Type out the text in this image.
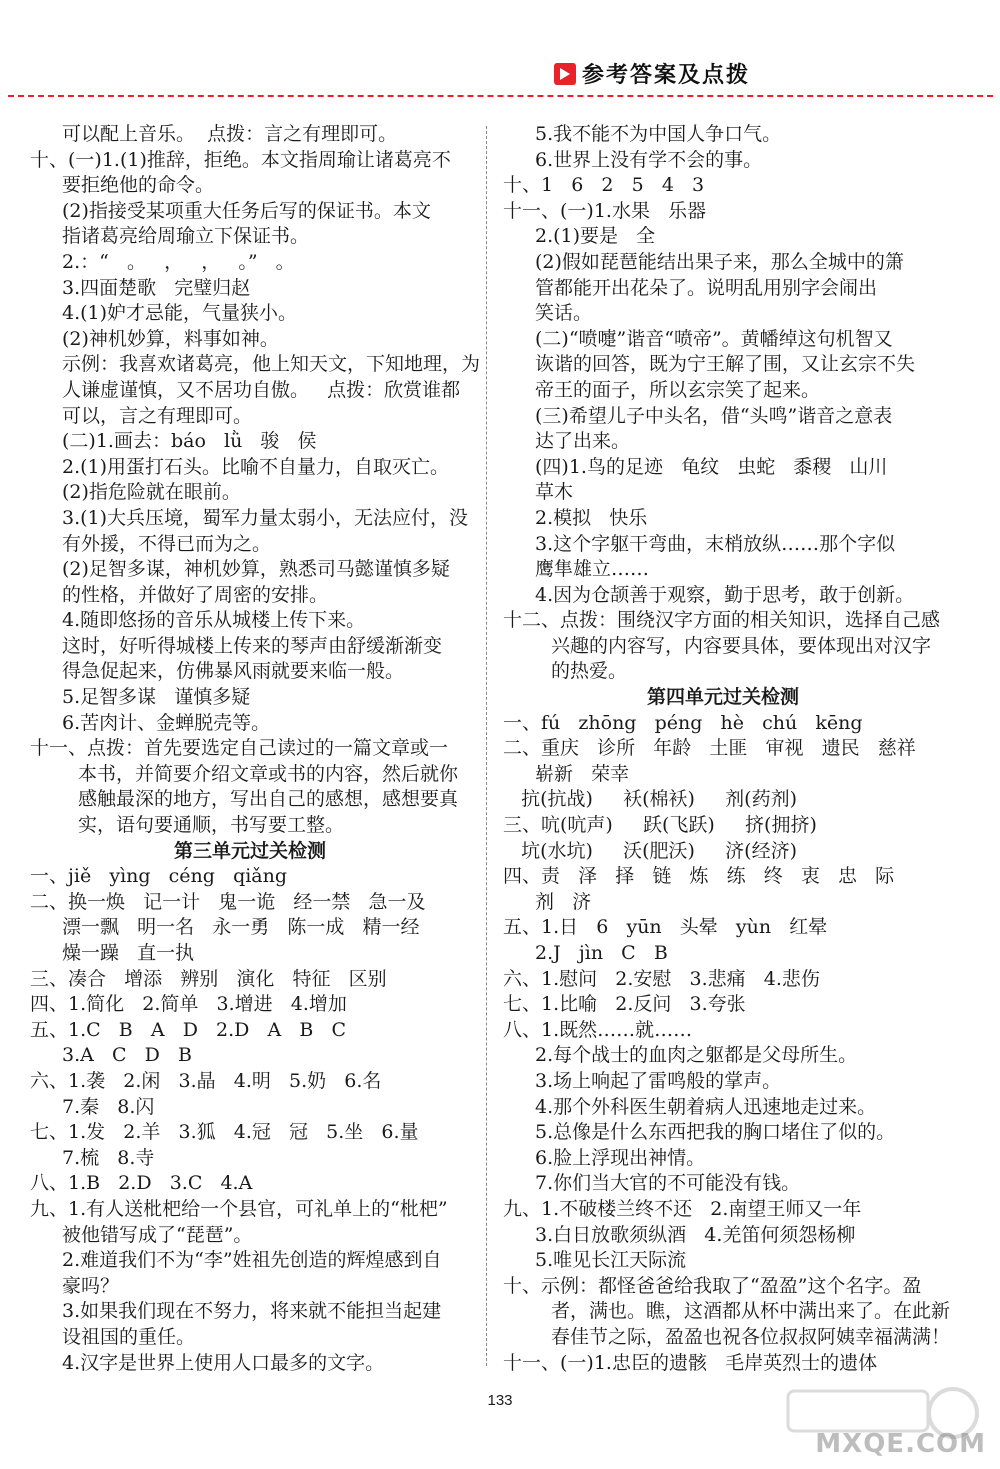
参考答案及点拨
可以配上音乐。  点拨：言之有理即可。
十、(一)1.(1)推辞，拒绝。本文指周瑜让诸葛亮不
要拒绝他的命令。
(2)指接受某项重大任务后写的保证书。本文
指诸葛亮给周瑜立下保证书。
2.：“   。   ，   ，   。”   。
3.四面楚歌   完璧归赵
4.(1)妒才忌能，气量狭小。
(2)神机妙算，料事如神。
示例：我喜欢诸葛亮，他上知天文，下知地理，为
人谦虚谨慎，又不居功自傲。   点拨：欣赏谁都
可以，言之有理即可。
(二)1.画去：báo   lǜ   骏   侯
2.(1)用蛋打石头。比喻不自量力，自取灭亡。
(2)指危险就在眼前。
3.(1)大兵压境，蜀军力量太弱小，无法应付，没
有外援，不得已而为之。
(2)足智多谋，神机妙算，熟悉司马懿谨慎多疑
的性格，并做好了周密的安排。
4.随即悠扬的音乐从城楼上传下来。
这时，好听得城楼上传来的琴声由舒缓渐渐变
得急促起来，仿佛暴风雨就要来临一般。
5.足智多谋   谨慎多疑
6.苦肉计、金蝉脱壳等。
十一、点拨：首先要选定自己读过的一篇文章或一
本书，并简要介绍文章或书的内容，然后就你
感触最深的地方，写出自己的感想，感想要真
实，语句要通顺，书写要工整。
第三单元过关检测
一、jiě   yìng   céng   qiǎng
二、换一焕   记一计   鬼一诡   经一禁   急一及
漂一飘   明一名   永一勇   陈一成   精一经
燥一躁   直一执
三、凑合   增添   辨别   演化   特征   区别
四、1.简化   2.简单   3.增进   4.增加
五、1.C   B   A   D   2.D   A   B   C
3.A   C   D   B
六、1.袭   2.闲   3.晶   4.明   5.奶   6.名
7.秦   8.闪
七、1.发   2.羊   3.狐   4.冠   冠   5.坐   6.量
7.梳   8.寺
八、1.B   2.D   3.C   4.A
九、1.有人送枇杷给一个县官，可礼单上的“枇杷”
被他错写成了“琵琶”。
2.难道我们不为“李”姓祖先创造的辉煌感到自
豪吗？
3.如果我们现在不努力，将来就不能担当起建
设祖国的重任。
4.汉字是世界上使用人口最多的文字。
5.我不能不为中国人争口气。
6.世界上没有学不会的事。
十、1   6   2   5   4   3
十一、(一)1.水果   乐器
2.(1)要是   全
(2)假如琵琶能结出果子来，那么全城中的箫
管都能开出花朵了。说明乱用别字会闹出
笑话。
(二)“喷嚏”谐音“喷帝”。黄幡绰这句机智又
诙谐的回答，既为宁王解了围，又让玄宗不失
帝王的面子，所以玄宗笑了起来。
(三)希望儿子中头名，借“头鸣”谐音之意表
达了出来。
(四)1.鸟的足迹   龟纹   虫蛇   黍稷   山川
草木
2.模拟   快乐
3.这个字躯干弯曲，末梢放纵……那个字似
鹰隼雄立……
4.因为仓颉善于观察，勤于思考，敢于创新。
十二、点拨：围绕汉字方面的相关知识，选择自己感
兴趣的内容写，内容要具体，要体现出对汉字
的热爱。
第四单元过关检测
一、fú   zhōng   péng   hè   chú   kēng
二、重庆   诊所   年龄   土匪   审视   遗民   慈祥
崭新   荣幸
抗(抗战)     袄(棉袄)     剂(药剂)
三、吭(吭声)     跃(飞跃)     挤(拥挤)
坑(水坑)     沃(肥沃)     济(经济)
四、责   泽   择   链   炼   练   终   衷   忠   际
剂   济
五、1.日   6   yūn   头晕   yùn   红晕
2.J   jìn   C   B
六、1.慰问   2.安慰   3.悲痛   4.悲伤
七、1.比喻   2.反问   3.夸张
八、1.既然……就……
2.每个战士的血肉之躯都是父母所生。
3.场上响起了雷鸣般的掌声。
4.那个外科医生朝着病人迅速地走过来。
5.总像是什么东西把我的胸口堵住了似的。
6.脸上浮现出神情。
7.你们当大官的不可能没有钱。
九、1.不破楼兰终不还   2.南望王师又一年
3.白日放歌须纵酒   4.羌笛何须怨杨柳
5.唯见长江天际流
十、示例：都怪爸爸给我取了“盈盈”这个名字。盈
者，满也。瞧，这酒都从杯中满出来了。在此新
春佳节之际，盈盈也祝各位叔叔阿姨幸福满满！
十一、(一)1.忠臣的遗骸   毛岸英烈士的遗体
133
MXQE.COM
